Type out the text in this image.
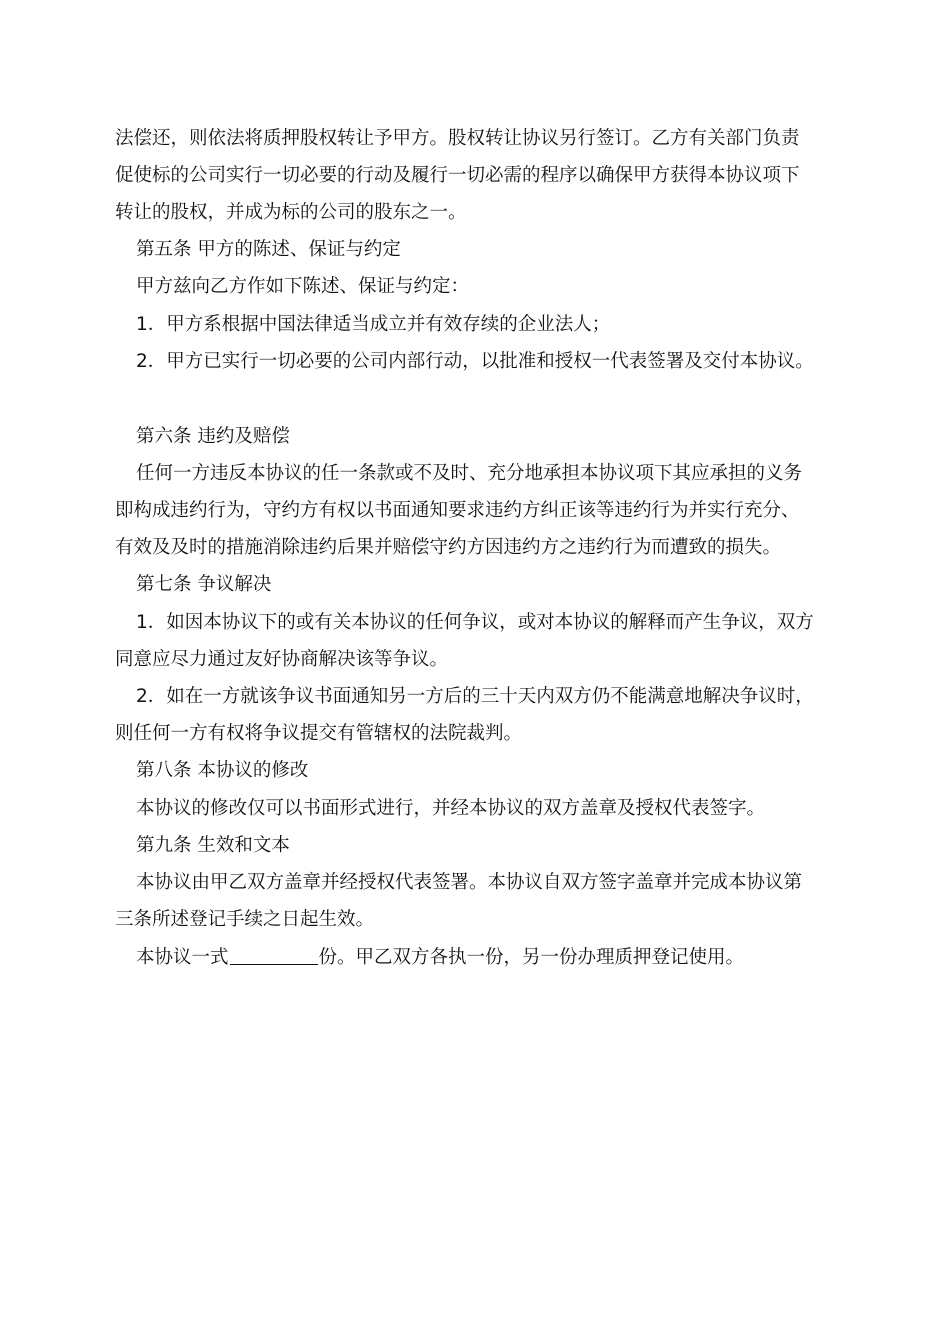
法偿还，则依法将质押股权转让予甲方。股权转让协议另行签订。乙方有关部门负责
促使标的公司实行一切必要的行动及履行一切必需的程序以确保甲方获得本协议项下
转让的股权，并成为标的公司的股东之一。
第五条 甲方的陈述、保证与约定
甲方兹向乙方作如下陈述、保证与约定：
1．甲方系根据中国法律适当成立并有效存续的企业法人；
2．甲方已实行一切必要的公司内部行动，以批准和授权一代表签署及交付本协议。
第六条 违约及赔偿
任何一方违反本协议的任一条款或不及时、充分地承担本协议项下其应承担的义务
即构成违约行为，守约方有权以书面通知要求违约方纠正该等违约行为并实行充分、
有效及及时的措施消除违约后果并赔偿守约方因违约方之违约行为而遭致的损失。
第七条 争议解决
1．如因本协议下的或有关本协议的任何争议，或对本协议的解释而产生争议，双方
同意应尽力通过友好协商解决该等争议。
2．如在一方就该争议书面通知另一方后的三十天内双方仍不能满意地解决争议时，
则任何一方有权将争议提交有管辖权的法院裁判。
第八条 本协议的修改
本协议的修改仅可以书面形式进行，并经本协议的双方盖章及授权代表签字。
第九条 生效和文本
本协议由甲乙双方盖章并经授权代表签署。本协议自双方签字盖章并完成本协议第
三条所述登记手续之日起生效。
本协议一式	份。甲乙双方各执一份，另一份办理质押登记使用。
